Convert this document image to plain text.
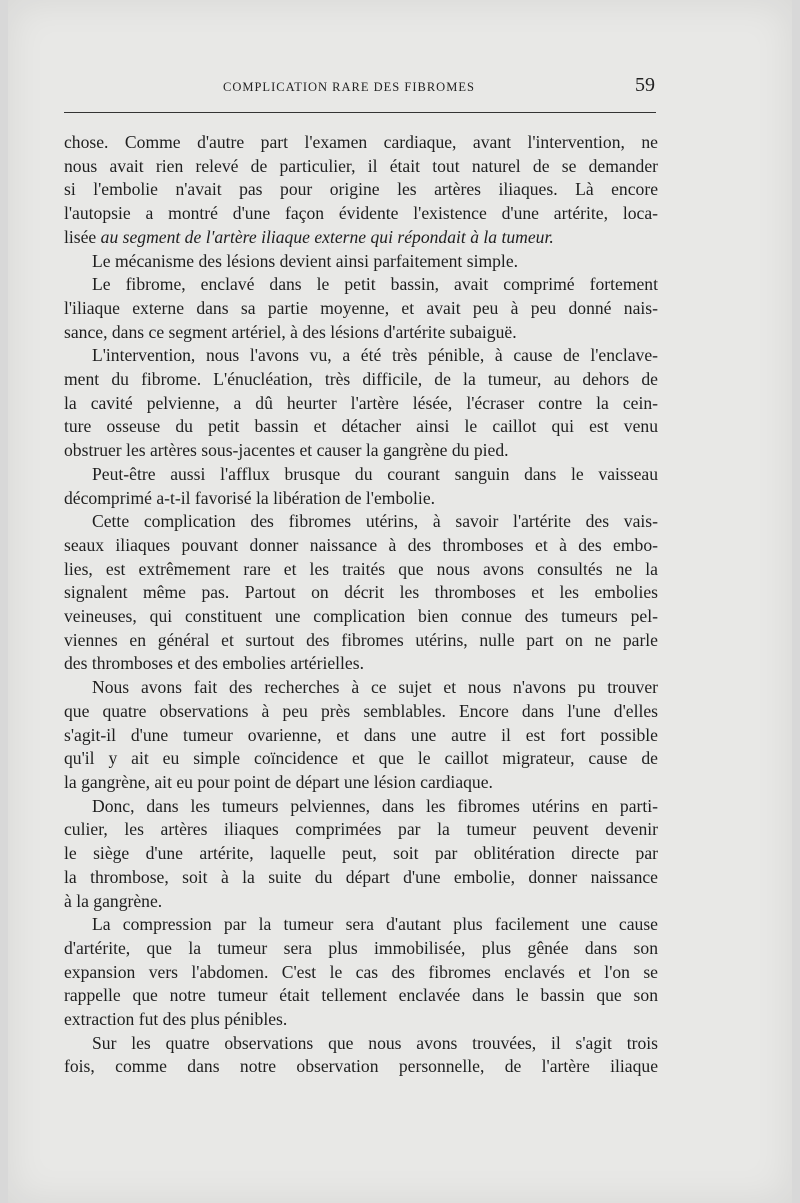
COMPLICATION RARE DES FIBROMES	59

chose. Comme d'autre part l'examen cardiaque, avant l'intervention, ne
nous avait rien relevé de particulier, il était tout naturel de se demander
si l'embolie n'avait pas pour origine les artères iliaques. Là encore
l'autopsie a montré d'une façon évidente l'existence d'une artérite, loca-
lisée au segment de l'artère iliaque externe qui répondait à la tumeur.

Le mécanisme des lésions devient ainsi parfaitement simple.

Le fibrome, enclavé dans le petit bassin, avait comprimé fortement
l'iliaque externe dans sa partie moyenne, et avait peu à peu donné nais-
sance, dans ce segment artériel, à des lésions d'artérite subaiguë.

L'intervention, nous l'avons vu, a été très pénible, à cause de l'enclave-
ment du fibrome. L'énucléation, très difficile, de la tumeur, au dehors de
la cavité pelvienne, a dû heurter l'artère lésée, l'écraser contre la cein-
ture osseuse du petit bassin et détacher ainsi le caillot qui est venu
obstruer les artères sous-jacentes et causer la gangrène du pied.

Peut-être aussi l'afflux brusque du courant sanguin dans le vaisseau
décomprimé a-t-il favorisé la libération de l'embolie.

Cette complication des fibromes utérins, à savoir l'artérite des vais-
seaux iliaques pouvant donner naissance à des thromboses et à des embo-
lies, est extrêmement rare et les traités que nous avons consultés ne la
signalent même pas. Partout on décrit les thromboses et les embolies
veineuses, qui constituent une complication bien connue des tumeurs pel-
viennes en général et surtout des fibromes utérins, nulle part on ne parle
des thromboses et des embolies artérielles.

Nous avons fait des recherches à ce sujet et nous n'avons pu trouver
que quatre observations à peu près semblables. Encore dans l'une d'elles
s'agit-il d'une tumeur ovarienne, et dans une autre il est fort possible
qu'il y ait eu simple coïncidence et que le caillot migrateur, cause de
la gangrène, ait eu pour point de départ une lésion cardiaque.

Donc, dans les tumeurs pelviennes, dans les fibromes utérins en parti-
culier, les artères iliaques comprimées par la tumeur peuvent devenir
le siège d'une artérite, laquelle peut, soit par oblitération directe par
la thrombose, soit à la suite du départ d'une embolie, donner naissance
à la gangrène.

La compression par la tumeur sera d'autant plus facilement une cause
d'artérite, que la tumeur sera plus immobilisée, plus gênée dans son
expansion vers l'abdomen. C'est le cas des fibromes enclavés et l'on se
rappelle que notre tumeur était tellement enclavée dans le bassin que son
extraction fut des plus pénibles.

Sur les quatre observations que nous avons trouvées, il s'agit trois
fois, comme dans notre observation personnelle, de l'artère iliaque
